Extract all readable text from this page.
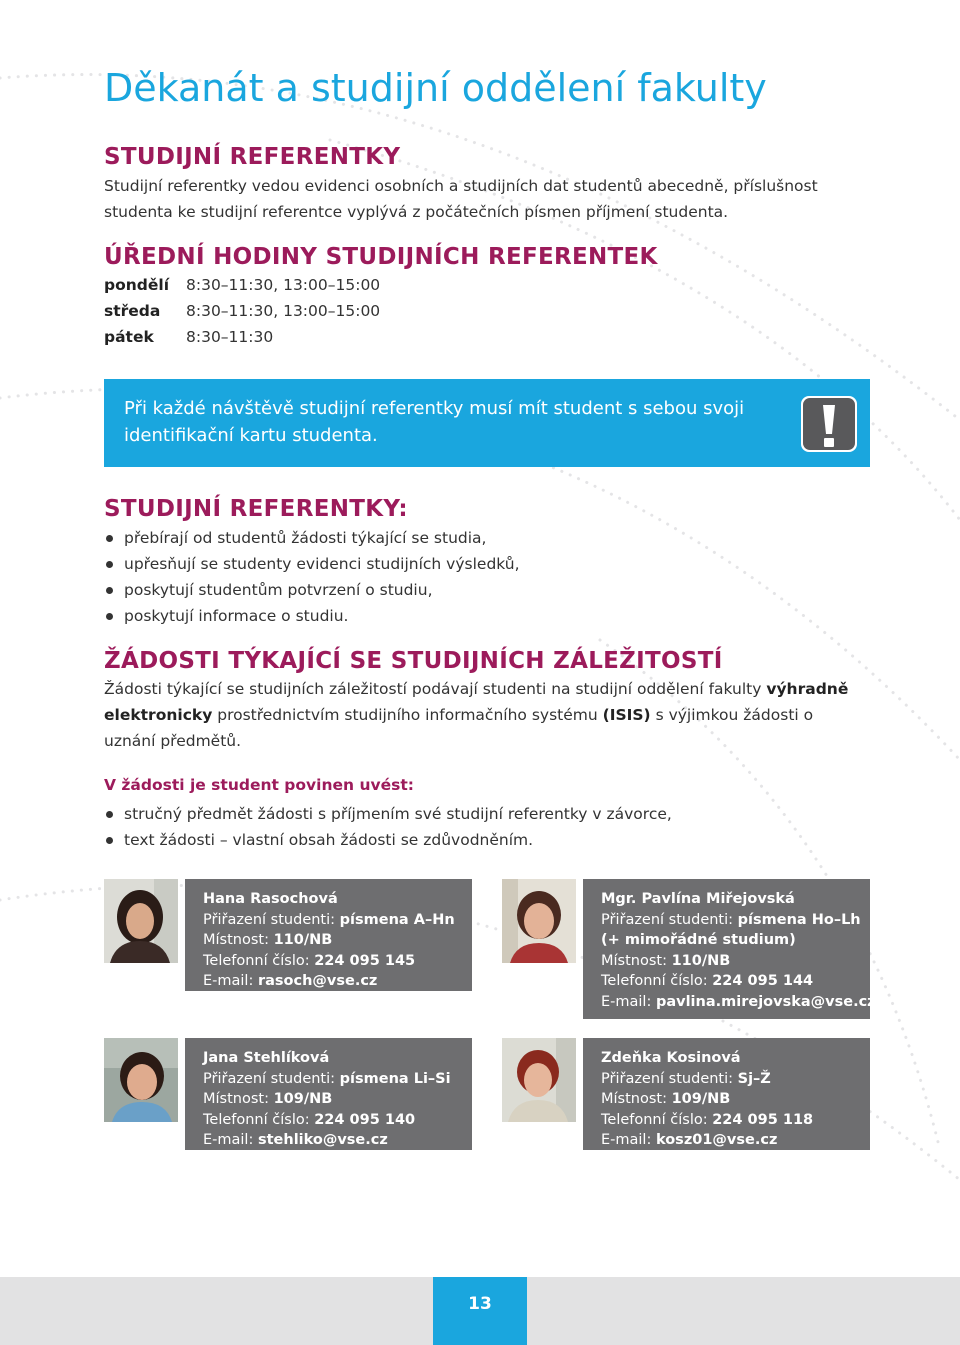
Děkanát a studijní oddělení fakulty
STUDIJNÍ REFERENTKY
Studijní referentky vedou evidenci osobních a studijních dat studentů abecedně, příslušnost studenta ke studijní referentce vyplývá z počátečních písmen příjmení studenta.
ÚŘEDNÍ HODINY STUDIJNÍCH REFERENTEK
pondělí 8:30–11:30, 13:00–15:00
středa 8:30–11:30, 13:00–15:00
pátek 8:30–11:30
Při každé návštěvě studijní referentky musí mít student s sebou svoji identifikační kartu studenta.
STUDIJNÍ REFERENTKY:
přebírají od studentů žádosti týkající se studia,
upřesňují se studenty evidenci studijních výsledků,
poskytují studentům potvrzení o studiu,
poskytují informace o studiu.
ŽÁDOSTI TÝKAJÍCÍ SE STUDIJNÍCH ZÁLEŽITOSTÍ
Žádosti týkající se studijních záležitostí podávají studenti na studijní oddělení fakulty výhradně elektronicky prostřednictvím studijního informačního systému (ISIS) s výjimkou žádosti o uznání předmětů.
V žádosti je student povinen uvést:
stručný předmět žádosti s příjmením své studijní referentky v závorce,
text žádosti – vlastní obsah žádosti se zdůvodněním.
Hana Rasochová
Přiřazení studenti: písmena A–Hn
Místnost: 110/NB
Telefonní číslo: 224 095 145
E-mail: rasoch@vse.cz
Mgr. Pavlína Miřejovská
Přiřazení studenti: písmena Ho–Lh
(+ mimořádné studium)
Místnost: 110/NB
Telefonní číslo: 224 095 144
E-mail: pavlina.mirejovska@vse.cz
Jana Stehlíková
Přiřazení studenti: písmena Li–Si
Místnost: 109/NB
Telefonní číslo: 224 095 140
E-mail: stehliko@vse.cz
Zdeňka Kosinová
Přiřazení studenti: Sj–Ž
Místnost: 109/NB
Telefonní číslo: 224 095 118
E-mail: kosz01@vse.cz
13
